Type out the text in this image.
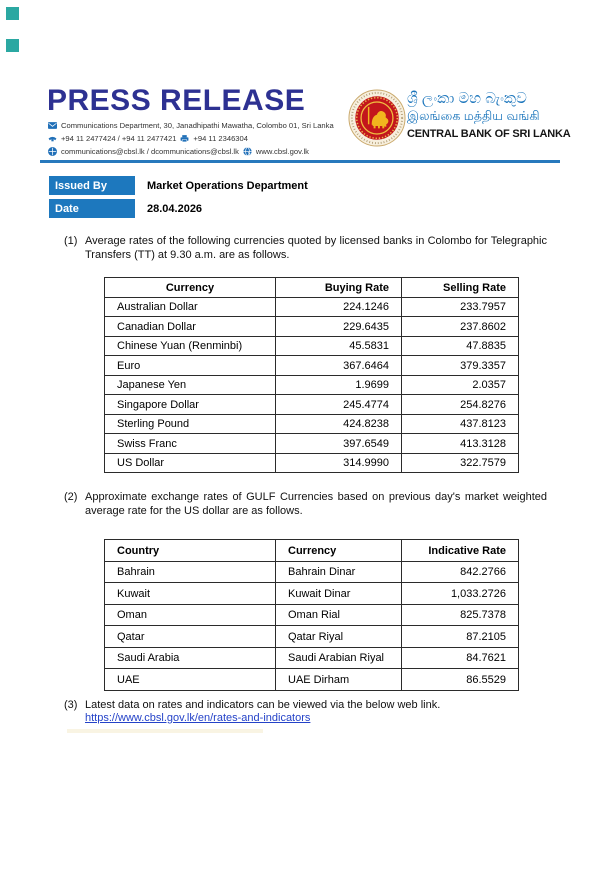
PRESS RELEASE
Communications Department, 30, Janadhipathi Mawatha, Colombo 01, Sri Lanka
+94 11 2477424 / +94 11 2477421 +94 11 2346304
communications@cbsl.lk / dcommunications@cbsl.lk www.cbsl.gov.lk
ශ්‍රී ලංකා මහ බැංකුව
இலங்கை மத்திய வங்கி
CENTRAL BANK OF SRI LANKA
Issued By	Market Operations Department
Date	28.04.2026
(1) Average rates of the following currencies quoted by licensed banks in Colombo for Telegraphic Transfers (TT) at 9.30 a.m. are as follows.
Currency	Buying Rate	Selling Rate
Australian Dollar	224.1246	233.7957
Canadian Dollar	229.6435	237.8602
Chinese Yuan (Renminbi)	45.5831	47.8835
Euro	367.6464	379.3357
Japanese Yen	1.9699	2.0357
Singapore Dollar	245.4774	254.8276
Sterling Pound	424.8238	437.8123
Swiss Franc	397.6549	413.3128
US Dollar	314.9990	322.7579
(2) Approximate exchange rates of GULF Currencies based on previous day's market weighted average rate for the US dollar are as follows.
Country	Currency	Indicative Rate
Bahrain	Bahrain Dinar	842.2766
Kuwait	Kuwait Dinar	1,033.2726
Oman	Oman Rial	825.7378
Qatar	Qatar Riyal	87.2105
Saudi Arabia	Saudi Arabian Riyal	84.7621
UAE	UAE Dirham	86.5529
(3) Latest data on rates and indicators can be viewed via the below web link.
https://www.cbsl.gov.lk/en/rates-and-indicators
